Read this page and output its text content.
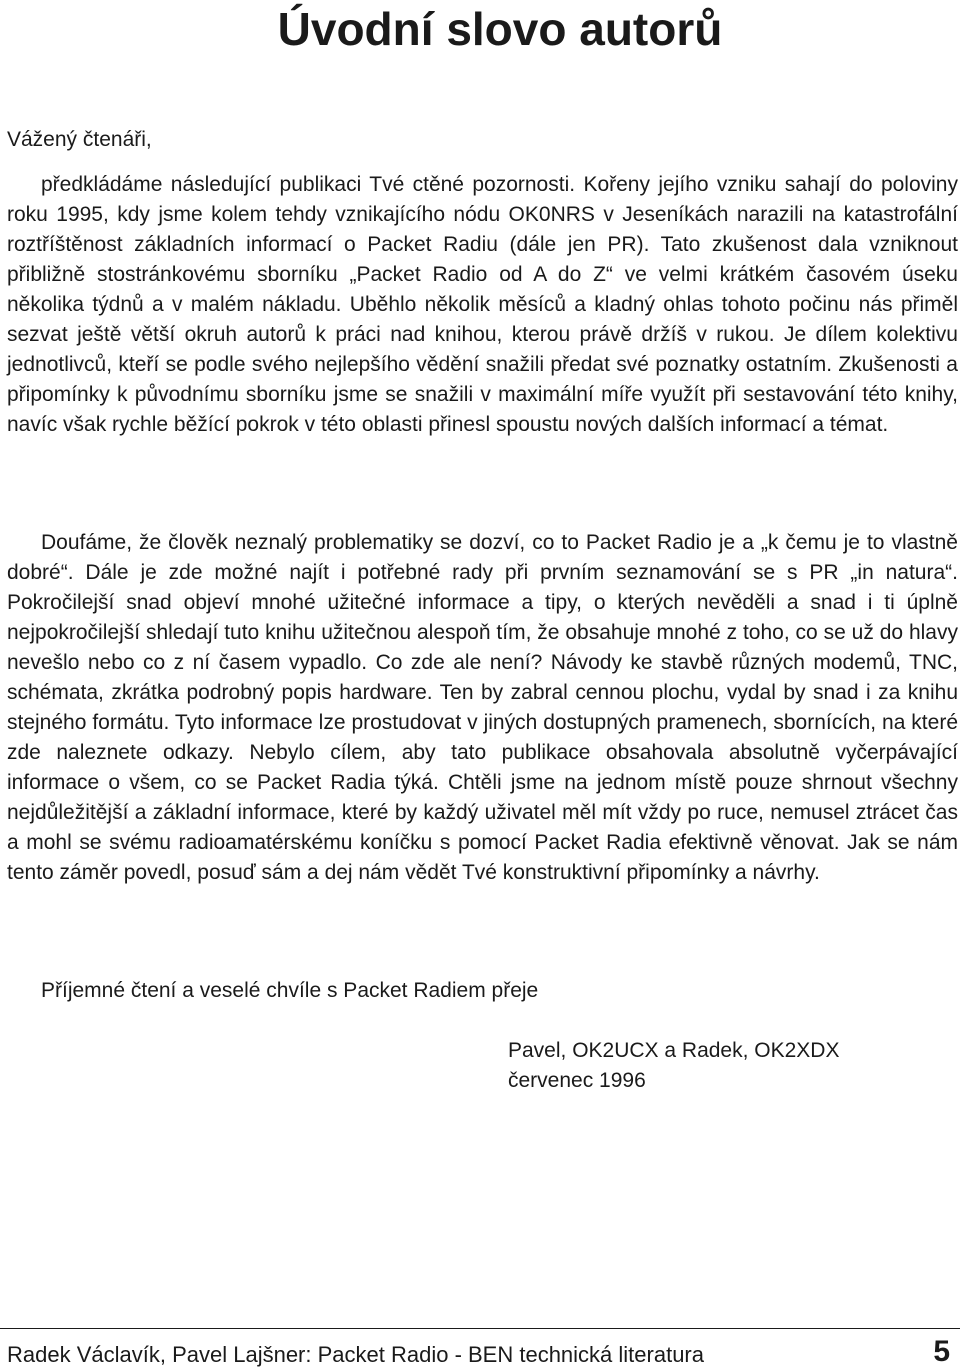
Úvodní slovo autorů

Vážený čtenáři,

předkládáme následující publikaci Tvé ctěné pozornosti. Kořeny jejího vzniku sahají do poloviny roku 1995, kdy jsme kolem tehdy vznikajícího nódu OK0NRS v Jeseníkách narazili na katastrofální roztříštěnost základních informací o Packet Radiu (dále jen PR). Tato zkušenost dala vzniknout přibližně stostránkovému sborníku „Packet Radio od A do Z“ ve velmi krátkém časovém úseku několika týdnů a v malém nákladu. Uběhlo několik měsíců a kladný ohlas tohoto počinu nás přiměl sezvat ještě větší okruh autorů k práci nad knihou, kterou právě držíš v rukou. Je dílem kolektivu jednotlivců, kteří se podle svého nejlepšího vědění snažili předat své poznatky ostatním. Zkušenosti a připomínky k původnímu sborníku jsme se snažili v maximální míře využít při sestavování této knihy, navíc však rychle běžící pokrok v této oblasti přinesl spoustu nových dalších informací a témat.

Doufáme, že člověk neznalý problematiky se dozví, co to Packet Radio je a „k čemu je to vlastně dobré“. Dále je zde možné najít i potřebné rady při prvním seznamování se s PR „in natura“. Pokročilejší snad objeví mnohé užitečné informace a tipy, o kterých nevěděli a snad i ti úplně nejpokročilejší shledají tuto knihu užitečnou alespoň tím, že obsahuje mnohé z toho, co se už do hlavy nevešlo nebo co z ní časem vypadlo. Co zde ale není? Návody ke stavbě různých modemů, TNC, schémata, zkrátka podrobný popis hardware. Ten by zabral cennou plochu, vydal by snad i za knihu stejného formátu. Tyto informace lze prostudovat v jiných dostupných pramenech, sbornících, na které zde naleznete odkazy. Nebylo cílem, aby tato publikace obsahovala absolutně vyčerpávající informace o všem, co se Packet Radia týká. Chtěli jsme na jednom místě pouze shrnout všechny nejdůležitější a základní informace, které by každý uživatel měl mít vždy po ruce, nemusel ztrácet čas a mohl se svému radioamatérskému koníčku s pomocí Packet Radia efektivně věnovat. Jak se nám tento záměr povedl, posuď sám a dej nám vědět Tvé konstruktivní připomínky a návrhy.

Příjemné čtení a veselé chvíle s Packet Radiem přeje

Pavel, OK2UCX a Radek, OK2XDX
červenec 1996

Radek Václavík, Pavel Lajšner: Packet Radio - BEN technická literatura	5
